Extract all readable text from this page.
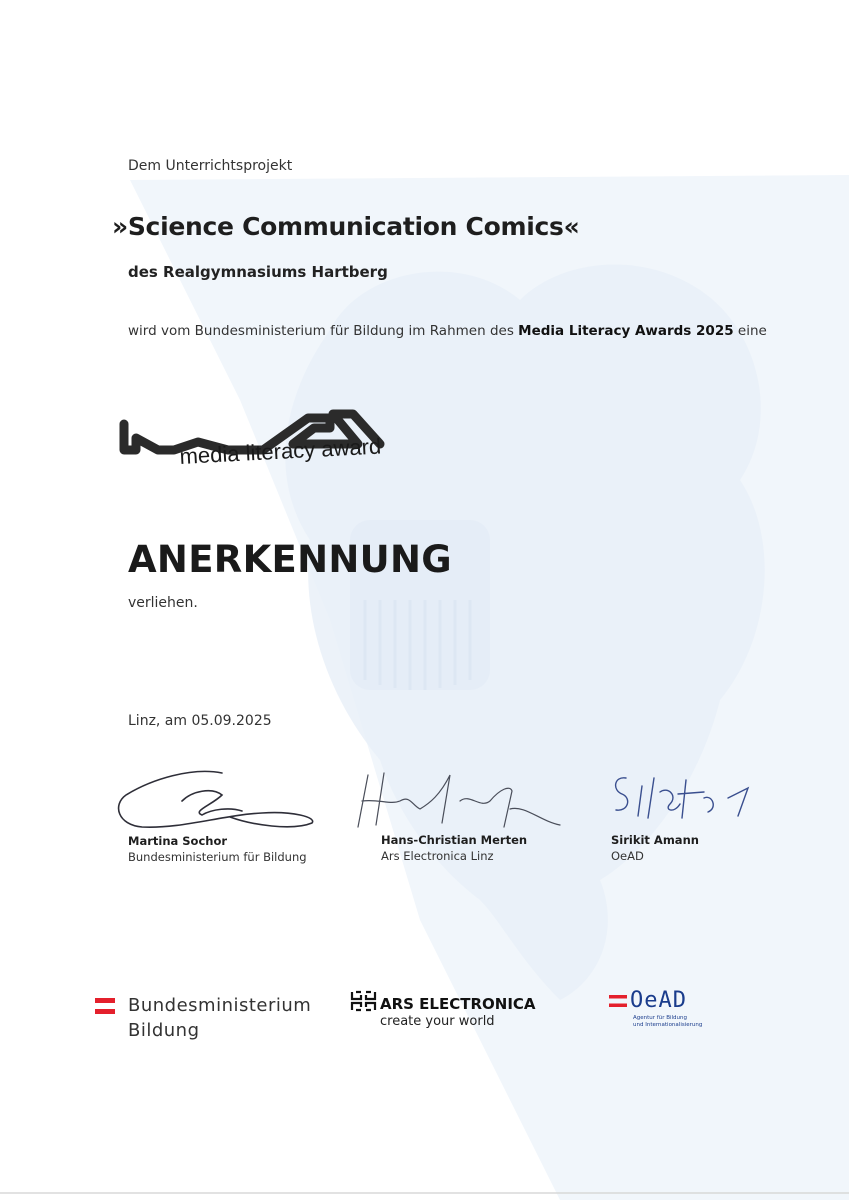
Dem Unterrichtsprojekt
»Science Communication Comics«
des Realgymnasiums Hartberg
wird vom Bundesministerium für Bildung im Rahmen des Media Literacy Awards 2025 eine
media literacy award
ANERKENNUNG
verliehen.
Linz, am 05.09.2025
Martina Sochor
Bundesministerium für Bildung
Hans-Christian Merten
Ars Electronica Linz
Sirikit Amann
OeAD
Bundesministerium
Bildung
ARS ELECTRONICA
create your world
OeAD
Agentur für Bildung
und Internationalisierung
